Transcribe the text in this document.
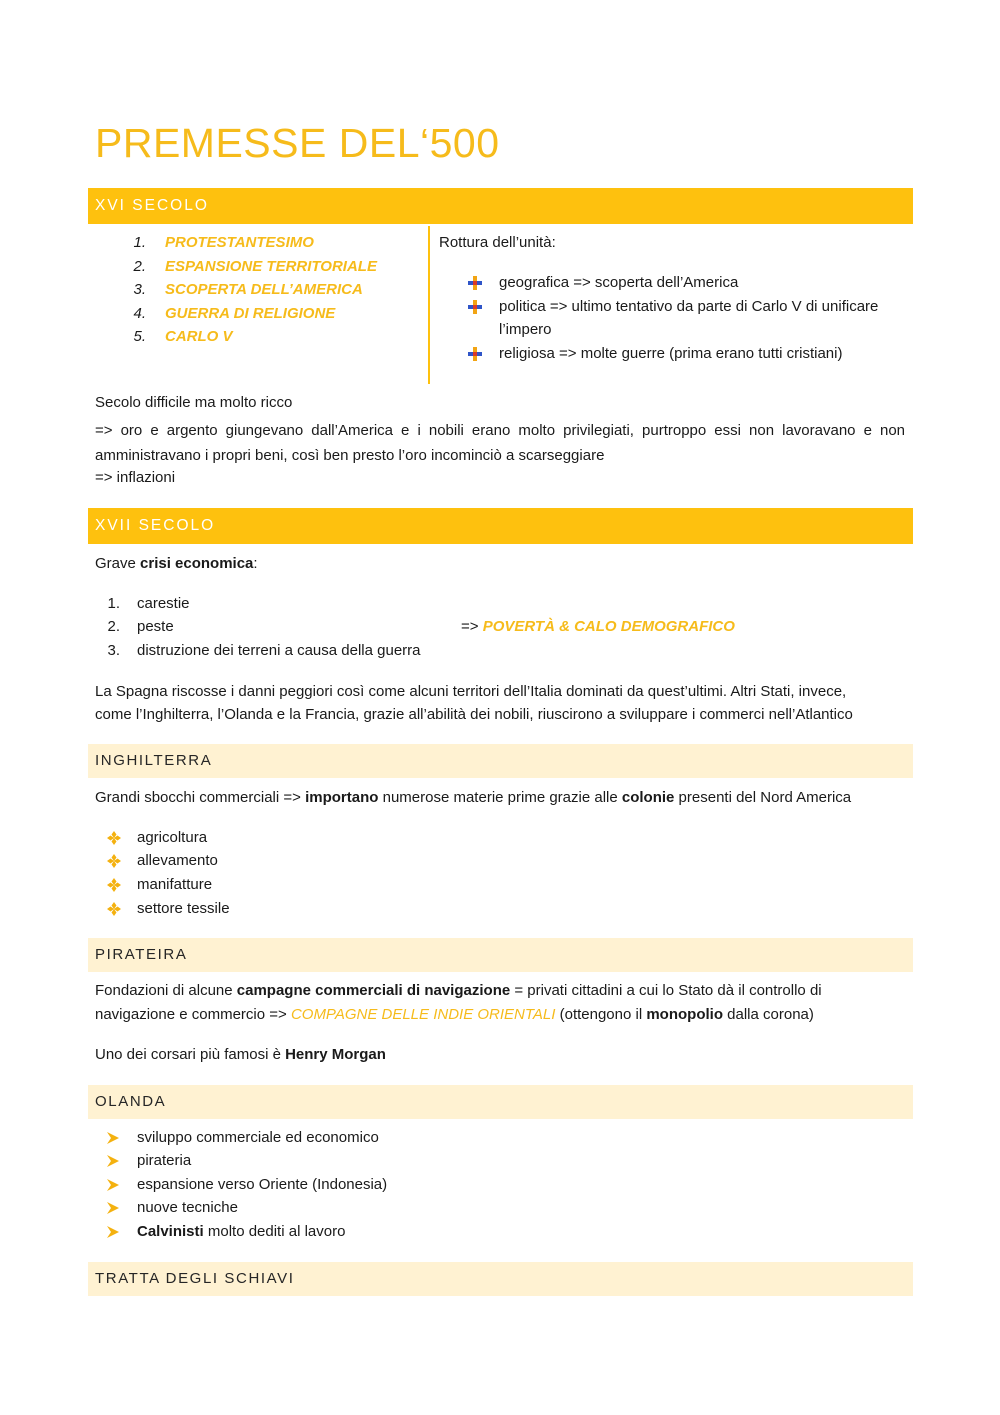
PREMESSE DEL‘500
XVI SECOLO
1. PROTESTANTESIMO
2. ESPANSIONE TERRITORIALE
3. SCOPERTA DELL’AMERICA
4. GUERRA DI RELIGIONE
5. CARLO V
Rottura dell’unità:
geografica => scoperta dell’America
politica => ultimo tentativo da parte di Carlo V di unificare
l’impero
religiosa => molte guerre (prima erano tutti cristiani)
Secolo difficile ma molto ricco
=> oro e argento giungevano dall’America e i nobili erano molto privilegiati, purtroppo essi non lavoravano e non amministravano i propri beni, così ben presto l’oro incominciò a scarseggiare
=> inflazioni
XVII SECOLO
Grave crisi economica:
1. carestie
2. peste
3. distruzione dei terreni a causa della guerra
=> POVERTÀ & CALO DEMOGRAFICO
La Spagna riscosse i danni peggiori così come alcuni territori dell’Italia dominati da quest’ultimi. Altri Stati, invece,
come l’Inghilterra, l’Olanda e la Francia, grazie all’abilità dei nobili, riuscirono a sviluppare i commerci nell’Atlantico
INGHILTERRA
Grandi sbocchi commerciali => importano numerose materie prime grazie alle colonie presenti del Nord America
agricoltura
allevamento
manifatture
settore tessile
PIRATEIRA
Fondazioni di alcune campagne commerciali di navigazione = privati cittadini a cui lo Stato dà il controllo di
navigazione e commercio => COMPAGNE DELLE INDIE ORIENTALI (ottengono il monopolio dalla corona)
Uno dei corsari più famosi è Henry Morgan
OLANDA
sviluppo commerciale ed economico
pirateria
espansione verso Oriente (Indonesia)
nuove tecniche
Calvinisti molto dediti al lavoro
TRATTA DEGLI SCHIAVI
